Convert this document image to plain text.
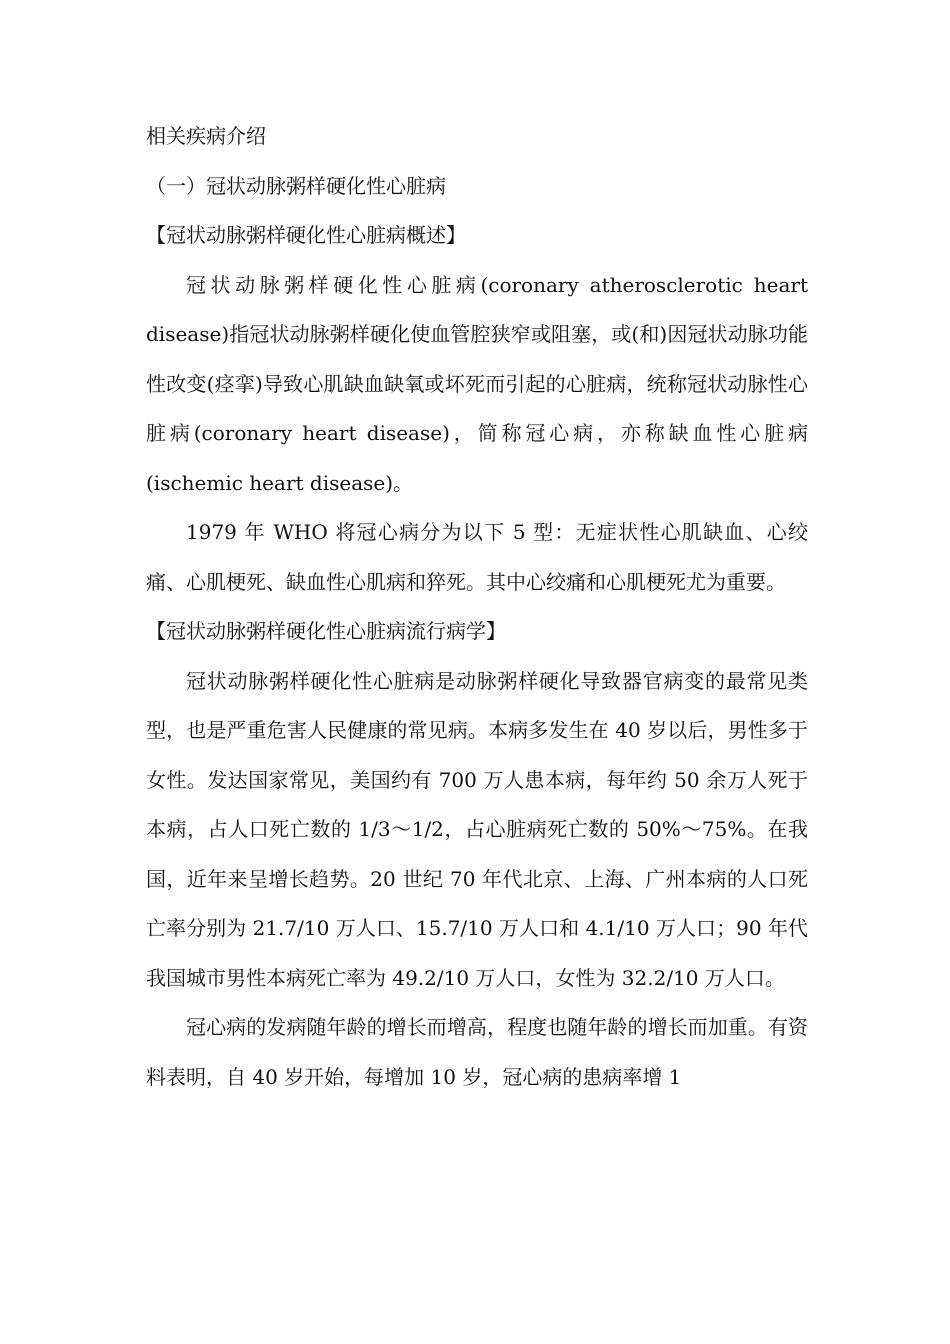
相关疾病介绍

（一）冠状动脉粥样硬化性心脏病

【冠状动脉粥样硬化性心脏病概述】

冠状动脉粥样硬化性心脏病(coronary atherosclerotic heart disease)指冠状动脉粥样硬化使血管腔狭窄或阻塞，或(和)因冠状动脉功能性改变(痉挛)导致心肌缺血缺氧或坏死而引起的心脏病，统称冠状动脉性心脏病(coronary heart disease)，简称冠心病，亦称缺血性心脏病(ischemic heart disease)。

1979 年 WHO 将冠心病分为以下 5 型：无症状性心肌缺血、心绞痛、心肌梗死、缺血性心肌病和猝死。其中心绞痛和心肌梗死尤为重要。

【冠状动脉粥样硬化性心脏病流行病学】

冠状动脉粥样硬化性心脏病是动脉粥样硬化导致器官病变的最常见类型，也是严重危害人民健康的常见病。本病多发生在 40 岁以后，男性多于女性。发达国家常见，美国约有 700 万人患本病，每年约 50 余万人死于本病，占人口死亡数的 1/3～1/2，占心脏病死亡数的 50%～75%。在我国，近年来呈增长趋势。20 世纪 70 年代北京、上海、广州本病的人口死亡率分别为 21.7/10 万人口、15.7/10 万人口和 4.1/10 万人口；90 年代我国城市男性本病死亡率为 49.2/10 万人口，女性为 32.2/10 万人口。

冠心病的发病随年龄的增长而增高，程度也随年龄的增长而加重。有资料表明，自 40 岁开始，每增加 10 岁，冠心病的患病率增 1
